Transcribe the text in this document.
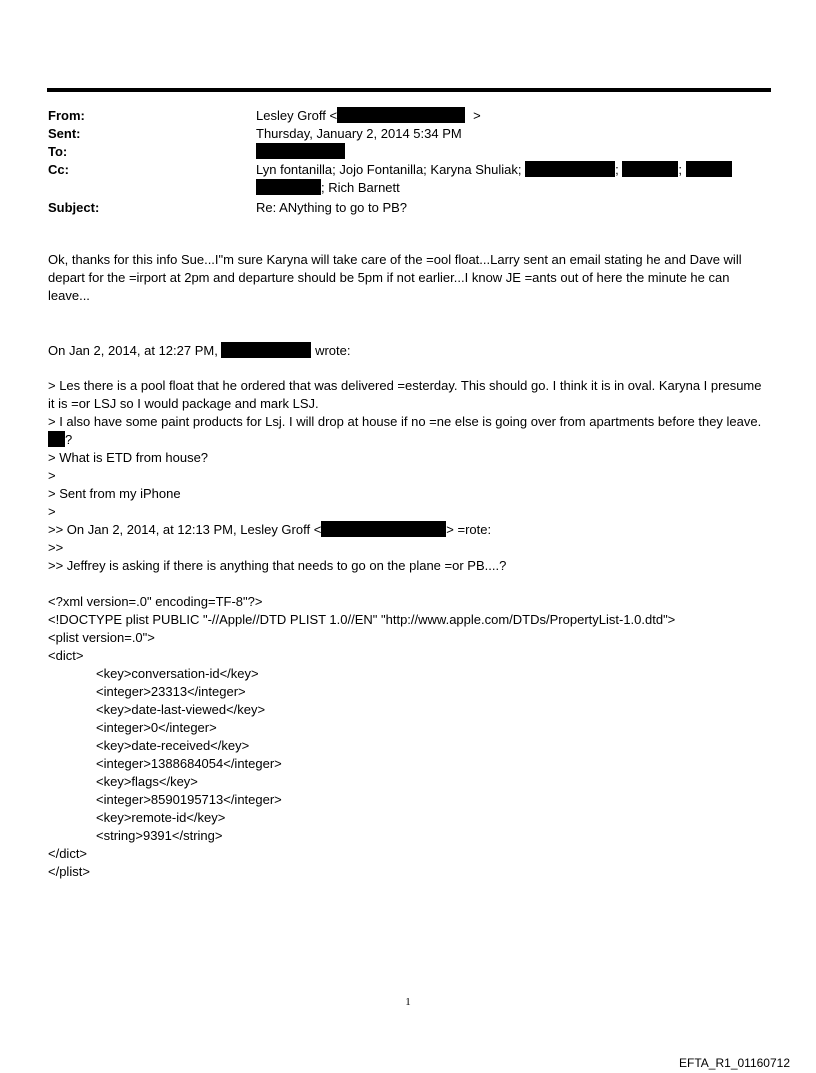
From:	Lesley Groff <	>
Sent:	Thursday, January 2, 2014 5:34 PM
To:
Cc:	Lyn fontanilla; Jojo Fontanilla; Karyna Shuliak;	;	;
; Rich Barnett
Subject:	Re: ANything to go to PB?
Ok, thanks for this info Sue...I"m sure Karyna will take care of the =ool float...Larry sent an email stating he and Dave will depart for the =irport at 2pm and departure should be 5pm if not earlier...I know JE =ants out of here the minute he can leave...
On Jan 2, 2014, at 12:27 PM,	wrote:
> Les there is a pool float that he ordered that was delivered =esterday. This should go. I think it is in oval. Karyna I presume it is =or LSJ so I would package and mark LSJ.
> I also have some paint products for Lsj. I will drop at house if no =ne else is going over from apartments before they leave. ?
> What is ETD from house?
>
> Sent from my iPhone
>
>> On Jan 2, 2014, at 12:13 PM, Lesley Groff <	> =rote:
>>
>> Jeffrey is asking if there is anything that needs to go on the plane =or PB....?
<?xml version=.0" encoding=TF-8"?>
<!DOCTYPE plist PUBLIC "-//Apple//DTD PLIST 1.0//EN" "http://www.apple.com/DTDs/PropertyList-1.0.dtd">
<plist version=.0">
<dict>
<key>conversation-id</key>
<integer>23313</integer>
<key>date-last-viewed</key>
<integer>0</integer>
<key>date-received</key>
<integer>1388684054</integer>
<key>flags</key>
<integer>8590195713</integer>
<key>remote-id</key>
<string>9391</string>
</dict>
</plist>
1
EFTA_R1_01160712
